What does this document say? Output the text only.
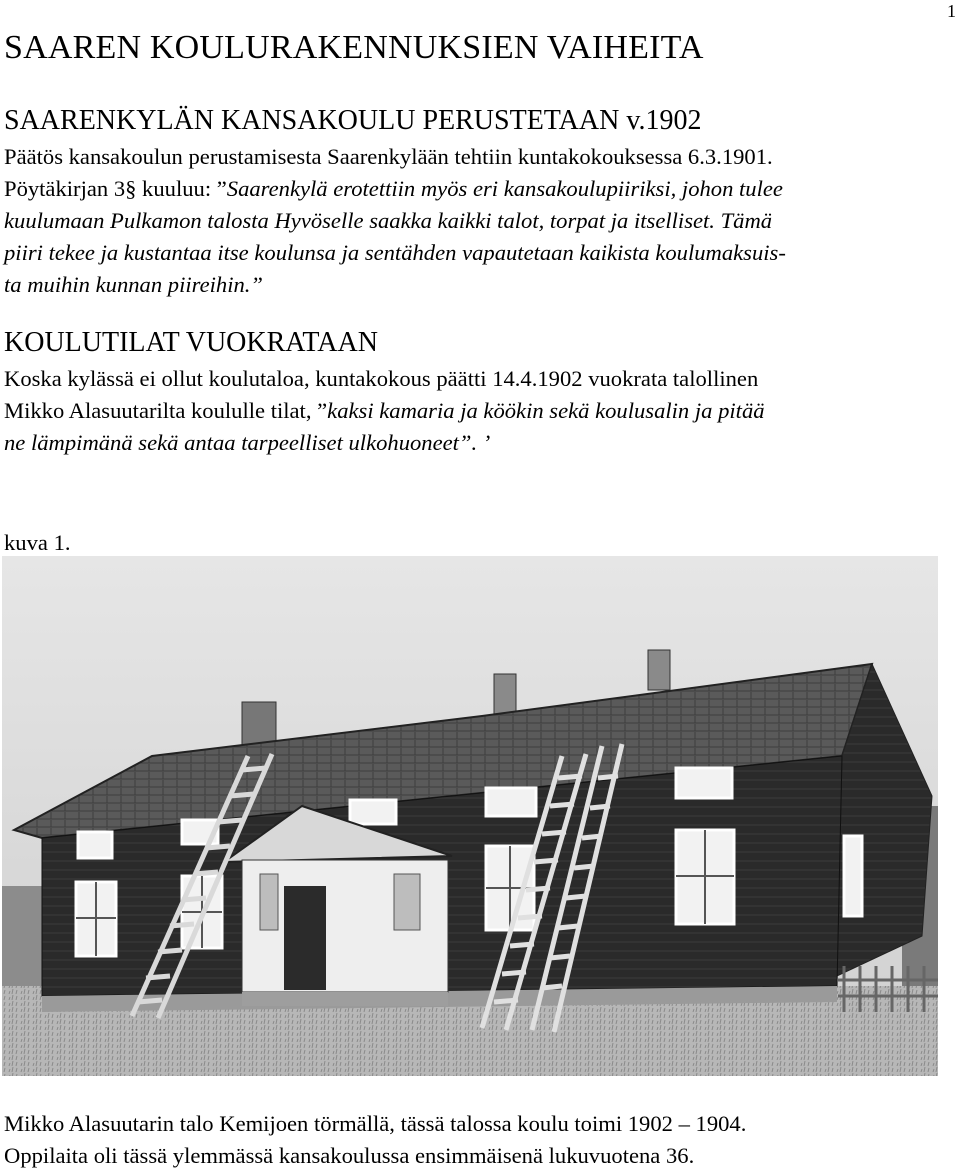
1
SAAREN KOULURAKENNUKSIEN VAIHEITA
SAARENKYLÄN KANSAKOULU PERUSTETAAN v.1902

Päätös kansakoulun perustamisesta Saarenkylään tehtiin kuntakokouksessa 6.3.1901.

Pöytäkirjan 3§ kuuluu: ”Saarenkylä erotettiin myös eri kansakoulupiiriksi, johon tulee

kuulumaan Pulkamon talosta Hyvöselle saakka kaikki talot, torpat ja itselliset. Tämä

piiri tekee ja kustantaa itse koulunsa ja sentähden vapautetaan kaikista koulumaksuis-

ta muihin kunnan piireihin.”

KOULUTILAT VUOKRATAAN

Koska kylässä ei ollut koulutaloa, kuntakokous päätti 14.4.1902 vuokrata talollinen

Mikko Alasuutarilta koululle tilat, ”kaksi kamaria ja köökin sekä koulusalin ja pitää

ne lämpimänä sekä antaa tarpeelliset ulkohuoneet”. ’

kuva 1.

Mikko Alasuutarin talo Kemijoen törmällä, tässä talossa koulu toimi 1902 – 1904.

Oppilaita oli tässä ylemmässä kansakoulussa ensimmäisenä lukuvuotena 36.
